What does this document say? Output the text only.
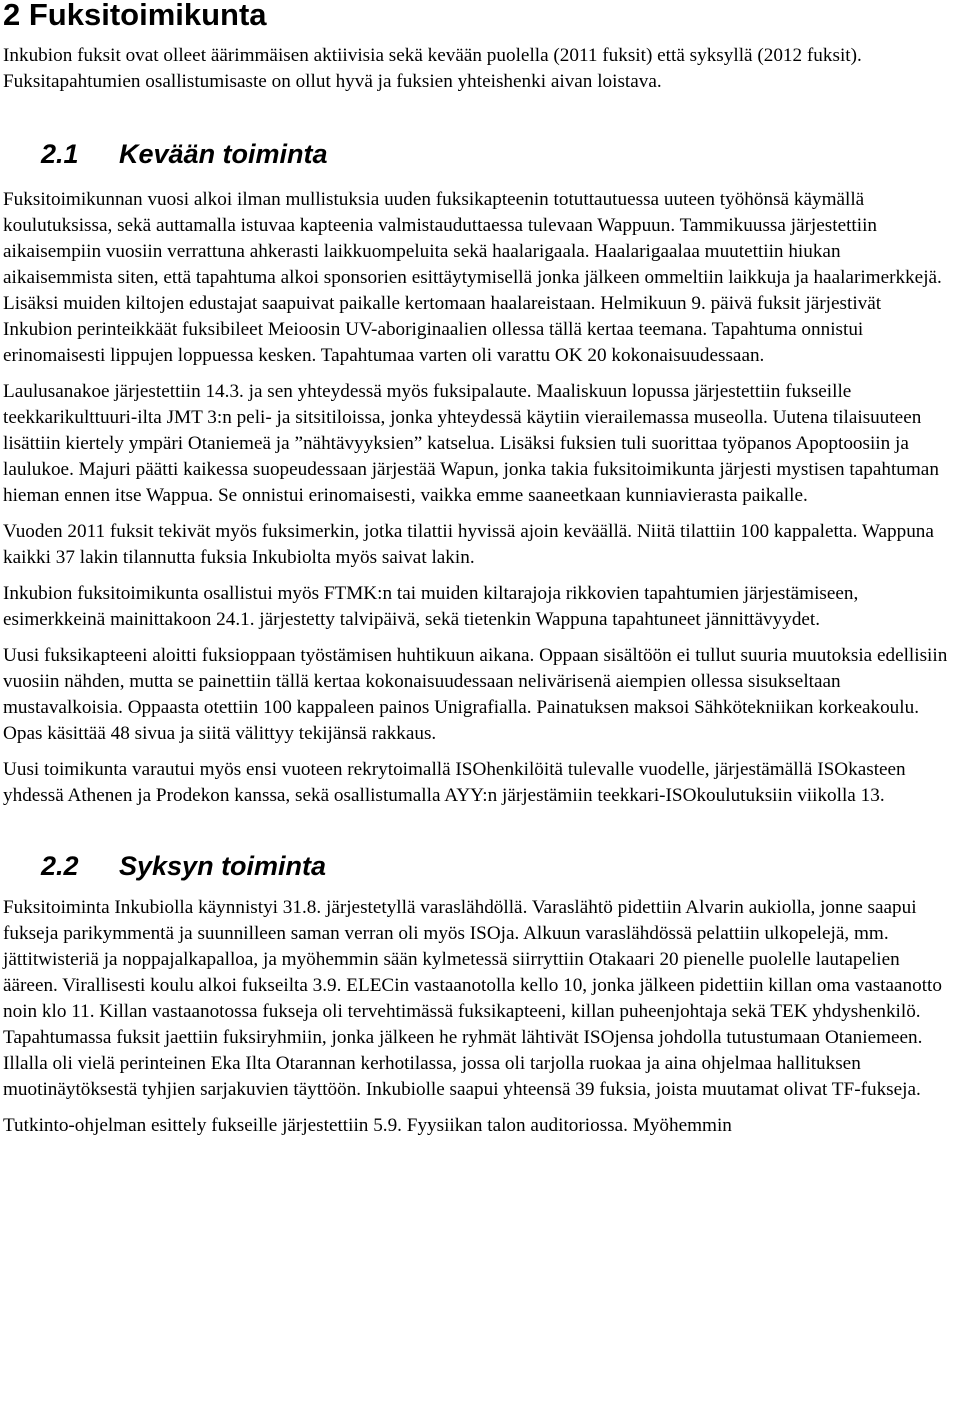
2 Fuksitoimikunta

Inkubion fuksit ovat olleet äärimmäisen aktiivisia sekä kevään puolella (2011 fuksit) että syksyllä (2012 fuksit). Fuksitapahtumien osallistumisaste on ollut hyvä ja fuksien yhteishenki aivan loistava.

2.1 Kevään toiminta

Fuksitoimikunnan vuosi alkoi ilman mullistuksia uuden fuksikapteenin totuttautuessa uuteen työhönsä käymällä koulutuksissa, sekä auttamalla istuvaa kapteenia valmistauduttaessa tulevaan Wappuun. Tammikuussa järjestettiin aikaisempiin vuosiin verrattuna ahkerasti laikkuompeluita sekä haalarigaala. Haalarigaalaa muutettiin hiukan aikaisemmista siten, että tapahtuma alkoi sponsorien esittäytymisellä jonka jälkeen ommeltiin laikkuja ja haalarimerkkejä. Lisäksi muiden kiltojen edustajat saapuivat paikalle kertomaan haalareistaan. Helmikuun 9. päivä fuksit järjestivät Inkubion perinteikkäät fuksibileet Meioosin UV-aboriginaalien ollessa tällä kertaa teemana. Tapahtuma onnistui erinomaisesti lippujen loppuessa kesken. Tapahtumaa varten oli varattu OK 20 kokonaisuudessaan.

Laulusanakoe järjestettiin 14.3. ja sen yhteydessä myös fuksipalaute. Maaliskuun lopussa järjestettiin fukseille teekkarikulttuuri-ilta JMT 3:n peli- ja sitsitiloissa, jonka yhteydessä käytiin vierailemassa museolla. Uutena tilaisuuteen lisättiin kiertely ympäri Otaniemeä ja ”nähtävyyksien” katselua. Lisäksi fuksien tuli suorittaa työpanos Apoptoosiin ja laulukoe. Majuri päätti kaikessa suopeudessaan järjestää Wapun, jonka takia fuksitoimikunta järjesti mystisen tapahtuman hieman ennen itse Wappua. Se onnistui erinomaisesti, vaikka emme saaneetkaan kunniavierasta paikalle.

Vuoden 2011 fuksit tekivät myös fuksimerkin, jotka tilattii hyvissä ajoin keväällä. Niitä tilattiin 100 kappaletta. Wappuna kaikki 37 lakin tilannutta fuksia Inkubiolta myös saivat lakin.

Inkubion fuksitoimikunta osallistui myös FTMK:n tai muiden kiltarajoja rikkovien tapahtumien järjestämiseen, esimerkkeinä mainittakoon 24.1. järjestetty talvipäivä, sekä tietenkin Wappuna tapahtuneet jännittävyydet.

Uusi fuksikapteeni aloitti fuksioppaan työstämisen huhtikuun aikana. Oppaan sisältöön ei tullut suuria muutoksia edellisiin vuosiin nähden, mutta se painettiin tällä kertaa kokonaisuudessaan nelivärisenä aiempien ollessa sisukseltaan mustavalkoisia. Oppaasta otettiin 100 kappaleen painos Unigrafialla. Painatuksen maksoi Sähkötekniikan korkeakoulu. Opas käsittää 48 sivua ja siitä välittyy tekijänsä rakkaus.

Uusi toimikunta varautui myös ensi vuoteen rekrytoimallä ISOhenkilöitä tulevalle vuodelle, järjestämällä ISOkasteen yhdessä Athenen ja Prodekon kanssa, sekä osallistumalla AYY:n järjestämiin teekkari-ISOkoulutuksiin viikolla 13.

2.2 Syksyn toiminta

Fuksitoiminta Inkubiolla käynnistyi 31.8. järjestetyllä varaslähdöllä. Varaslähtö pidettiin Alvarin aukiolla, jonne saapui fukseja parikymmentä ja suunnilleen saman verran oli myös ISOja. Alkuun varaslähdössä pelattiin ulkopelejä, mm. jättitwisteriä ja noppajalkapalloa, ja myöhemmin sään kylmetessä siirryttiin Otakaari 20 pienelle puolelle lautapelien ääreen. Virallisesti koulu alkoi fukseilta 3.9. ELECin vastaanotolla kello 10, jonka jälkeen pidettiin killan oma vastaanotto noin klo 11. Killan vastaanotossa fukseja oli tervehtimässä fuksikapteeni, killan puheenjohtaja sekä TEK yhdyshenkilö. Tapahtumassa fuksit jaettiin fuksiryhmiin, jonka jälkeen he ryhmät lähtivät ISOjensa johdolla tutustumaan Otaniemeen. Illalla oli vielä perinteinen Eka Ilta Otarannan kerhotilassa, jossa oli tarjolla ruokaa ja aina ohjelmaa hallituksen muotinäytöksestä tyhjien sarjakuvien täyttöön. Inkubiolle saapui yhteensä 39 fuksia, joista muutamat olivat TF-fukseja.

Tutkinto-ohjelman esittely fukseille järjestettiin 5.9. Fyysiikan talon auditoriossa. Myöhemmin
